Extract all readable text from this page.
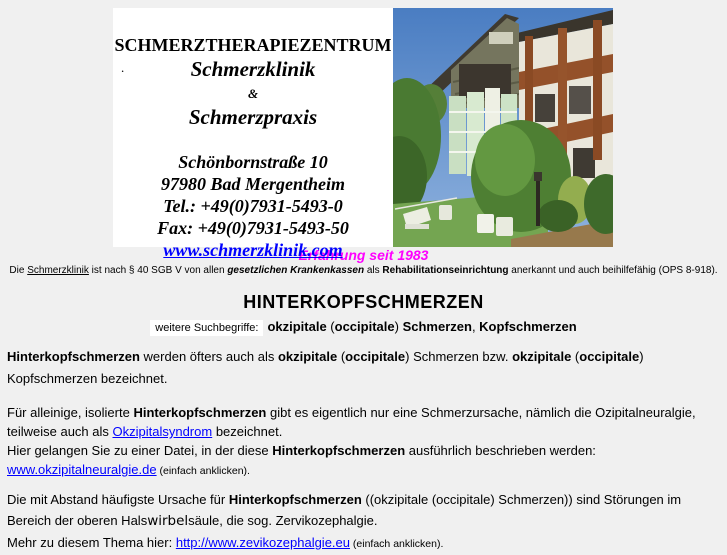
SCHMERZTHERAPIEZENTRUM
.	Schmerzklinik
&
Schmerzpraxis
Schönbornstraße 10
97980 Bad Mergentheim
Tel.: +49(0)7931-5493-0
Fax: +49(0)7931-5493-50
www.schmerzklinik.com
Erfahrung seit 1983
Die Schmerzklinik ist nach § 40 SGB V von allen gesetzlichen Krankenkassen als Rehabilitationseinrichtung anerkannt und auch beihilfefähig (OPS 8-918).
HINTERKOPFSCHMERZEN
weitere Suchbegriffe: okzipitale (occipitale) Schmerzen, Kopfschmerzen

Hinterkopfschmerzen werden öfters auch als okzipitale (occipitale) Schmerzen bzw. okzipitale (occipitale)
Kopfschmerzen bezeichnet.

Für alleinige, isolierte Hinterkopfschmerzen gibt es eigentlich nur eine Schmerzursache, nämlich die Ozipitalneuralgie,
teilweise auch als Okzipitalsyndrom bezeichnet.
Hier gelangen Sie zu einer Datei, in der diese Hinterkopfschmerzen ausführlich beschrieben werden:
www.okzipitalneuralgie.de (einfach anklicken).

Die mit Abstand häufigste Ursache für Hinterkopfschmerzen ((okzipitale (occipitale) Schmerzen)) sind Störungen im
Bereich der oberen Halswirbelsäule, die sog. Zervikozephalgie.
Mehr zu diesem Thema hier: http://www.zevikozephalgie.eu (einfach anklicken).
